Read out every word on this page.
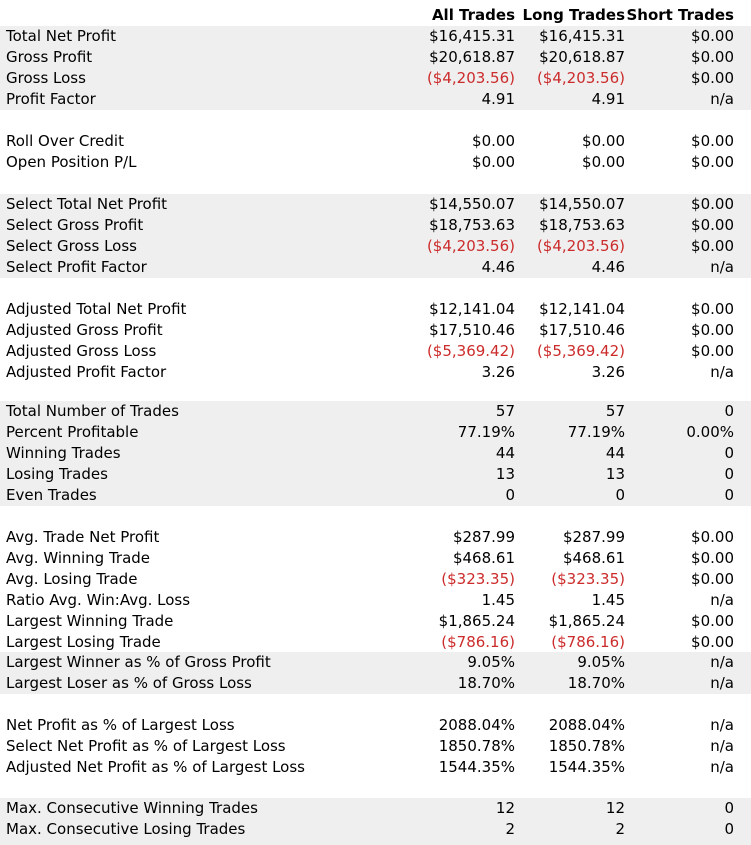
All Trades Long Trades Short Trades
Total Net Profit	$16,415.31 $16,415.31	$0.00
Gross Profit	$20,618.87 $20,618.87	$0.00
Gross Loss	($4,203.56) ($4,203.56)	$0.00
Profit Factor	4.91	4.91	n/a
Roll Over Credit	$0.00	$0.00	$0.00
Open Position P/L	$0.00	$0.00	$0.00
Select Total Net Profit	$14,550.07 $14,550.07	$0.00
Select Gross Profit	$18,753.63 $18,753.63	$0.00
Select Gross Loss	($4,203.56) ($4,203.56)	$0.00
Select Profit Factor	4.46	4.46	n/a
Adjusted Total Net Profit	$12,141.04 $12,141.04	$0.00
Adjusted Gross Profit	$17,510.46 $17,510.46	$0.00
Adjusted Gross Loss	($5,369.42) ($5,369.42)	$0.00
Adjusted Profit Factor	3.26	3.26	n/a
Total Number of Trades	57	57	0
Percent Profitable	77.19%	77.19%	0.00%
Winning Trades	44	44	0
Losing Trades	13	13	0
Even Trades	0	0	0
Avg. Trade Net Profit	$287.99	$287.99	$0.00
Avg. Winning Trade	$468.61	$468.61	$0.00
Avg. Losing Trade	($323.35) ($323.35)	$0.00
Ratio Avg. Win:Avg. Loss	1.45	1.45	n/a
Largest Winning Trade	$1,865.24 $1,865.24	$0.00
Largest Losing Trade	($786.16) ($786.16)	$0.00
Largest Winner as % of Gross Profit	9.05%	9.05%	n/a
Largest Loser as % of Gross Loss	18.70%	18.70%	n/a
Net Profit as % of Largest Loss	2088.04% 2088.04%	n/a
Select Net Profit as % of Largest Loss	1850.78% 1850.78%	n/a
Adjusted Net Profit as % of Largest Loss	1544.35% 1544.35%	n/a
Max. Consecutive Winning Trades	12	12	0
Max. Consecutive Losing Trades	2	2	0
